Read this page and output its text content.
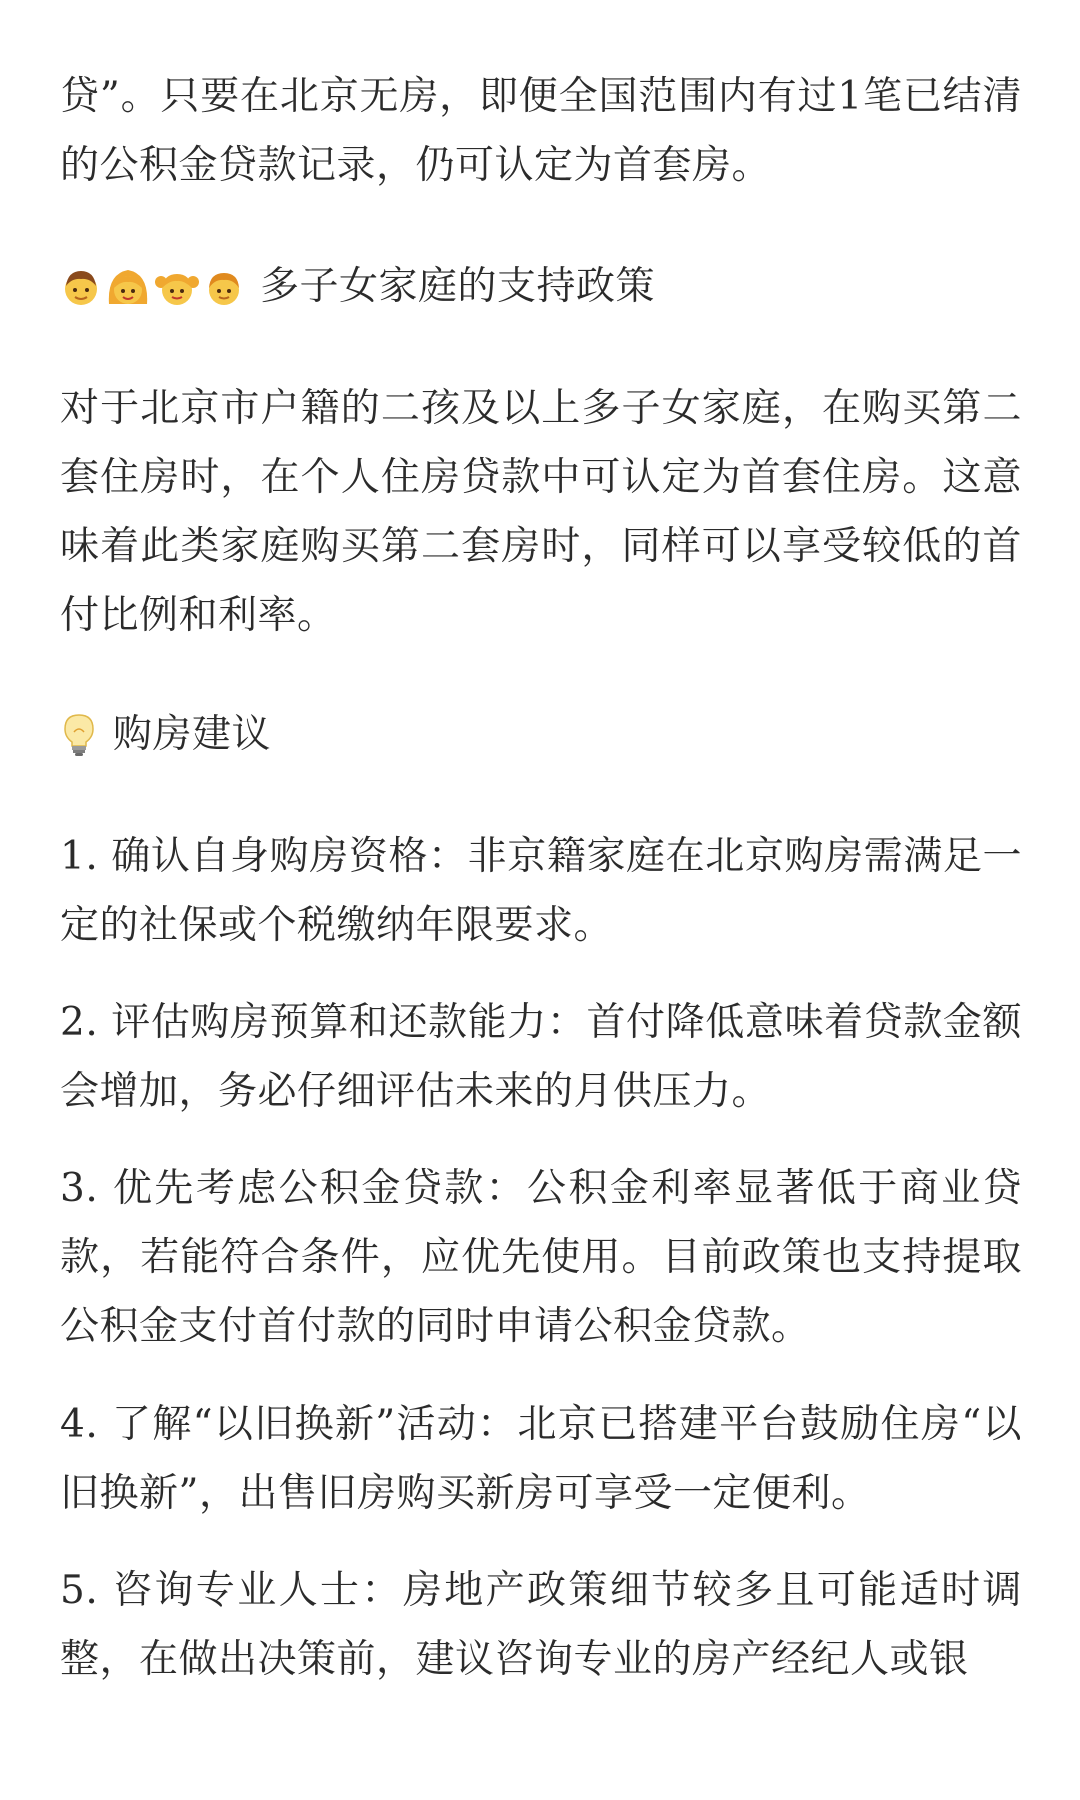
贷”。只要在北京无房，即便全国范围内有过1笔已结清的公积金贷款记录，仍可认定为首套房。

多子女家庭的支持政策

对于北京市户籍的二孩及以上多子女家庭，在购买第二套住房时，在个人住房贷款中可认定为首套住房。这意味着此类家庭购买第二套房时，同样可以享受较低的首付比例和利率。

购房建议

1. 确认自身购房资格：非京籍家庭在北京购房需满足一定的社保或个税缴纳年限要求。

2. 评估购房预算和还款能力：首付降低意味着贷款金额会增加，务必仔细评估未来的月供压力。

3. 优先考虑公积金贷款：公积金利率显著低于商业贷款，若能符合条件，应优先使用。目前政策也支持提取公积金支付首付款的同时申请公积金贷款。

4. 了解“以旧换新”活动：北京已搭建平台鼓励住房“以旧换新”，出售旧房购买新房可享受一定便利。

5. 咨询专业人士：房地产政策细节较多且可能适时调整，在做出决策前，建议咨询专业的房产经纪人或银
